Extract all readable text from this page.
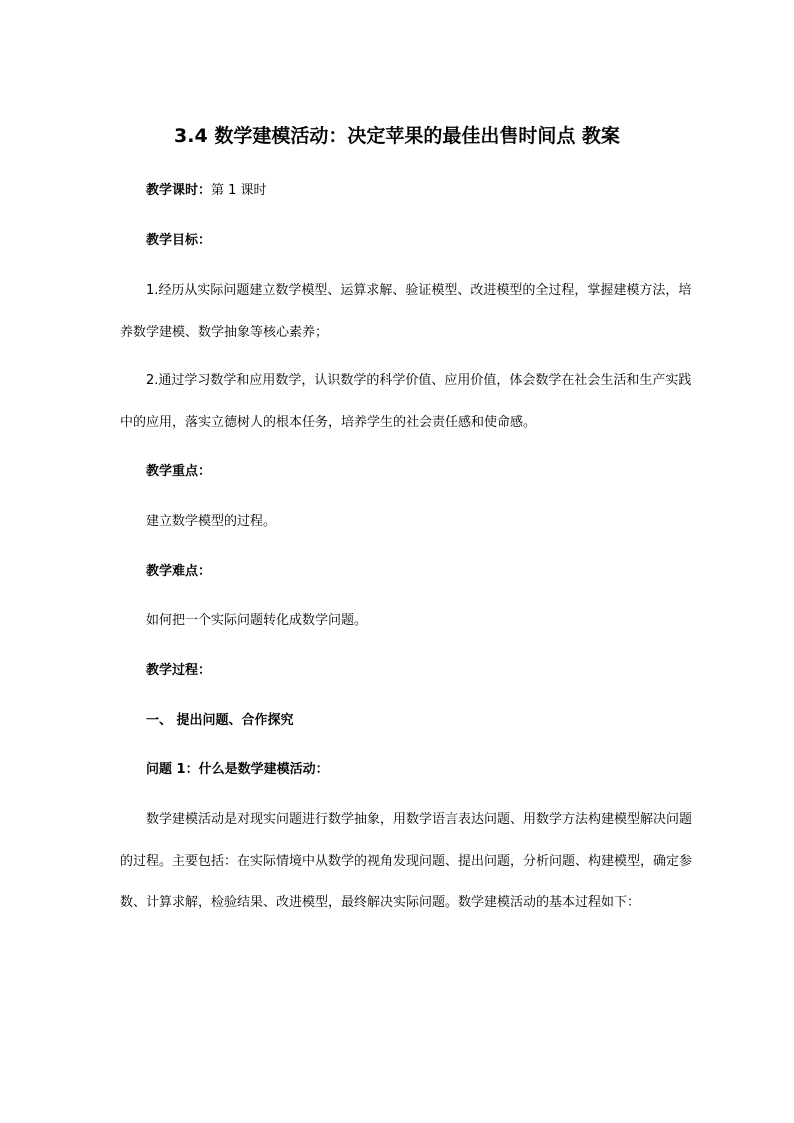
3.4 数学建模活动：决定苹果的最佳出售时间点 教案
教学课时：第 1 课时
教学目标：
1.经历从实际问题建立数学模型、运算求解、验证模型、改进模型的全过程，掌握建模方法，培
养数学建模、数学抽象等核心素养；
2.通过学习数学和应用数学，认识数学的科学价值、应用价值，体会数学在社会生活和生产实践
中的应用，落实立德树人的根本任务，培养学生的社会责任感和使命感。
教学重点：
建立数学模型的过程。
教学难点：
如何把一个实际问题转化成数学问题。
教学过程：
一、 提出问题、合作探究
问题 1：什么是数学建模活动：
数学建模活动是对现实问题进行数学抽象，用数学语言表达问题、用数学方法构建模型解决问题
的过程。主要包括：在实际情境中从数学的视角发现问题、提出问题，分析问题、构建模型，确定参
数、计算求解，检验结果、改进模型，最终解决实际问题。数学建模活动的基本过程如下：
